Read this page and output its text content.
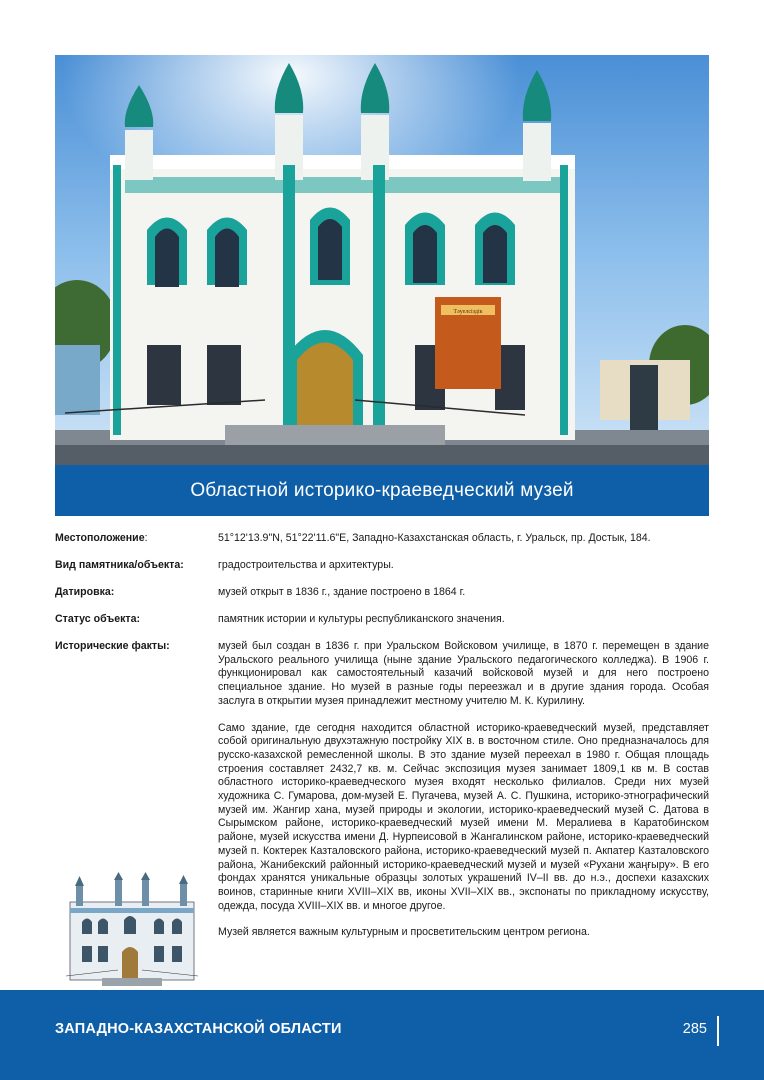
Тәуелсіздік
Областной историко-краеведческий музей
Местоположение:	51°12'13.9"N, 51°22'11.6"E, Западно-Казахстанская область, г. Уральск, пр. Достык, 184.
Вид памятника/объекта:	градостроительства и архитектуры.
Датировка:	музей открыт в 1836 г., здание построено в 1864 г.
Статус объекта:	памятник истории и культуры республиканского значения.
Исторические факты:	музей был создан в 1836 г. при Уральском Войсковом училище, в 1870 г. перемещен в здание Уральского реального училища (ныне здание Уральского педагогического колледжа). В 1906 г. функционировал как самостоятельный казачий войсковой музей и для него построено специальное здание. Но музей в разные годы переезжал и в другие здания города. Особая заслуга в открытии музея принадлежит местному учителю М. К. Курилину.

Само здание, где сегодня находится областной историко-краеведческий музей, представляет собой оригинальную двухэтажную постройку XIX в. в восточном стиле. Оно предназначалось для русско-казахской ремесленной школы. В это здание музей переехал в 1980 г. Общая площадь строения составляет 2432,7 кв. м. Сейчас экспозиция музея занимает 1809,1 кв м. В состав областного историко-краеведческого музея входят несколько филиалов. Среди них музей художника С. Гумарова, дом-музей Е. Пугачева, музей А. С. Пушкина, историко-этнографический музей им. Жангир хана, музей природы и экологии, историко-краеведческий музей С. Датова в Сырымском районе, историко-краеведческий музей имени М. Мералиева в Каратобинском районе, музей искусства имени Д. Нурпеисовой в Жангалинском районе, историко-краеведческий музей п. Коктерек Казталовского района, историко-краеведческий музей п. Акпатер Казталовского района, Жанибекский районный историко-краеведческий музей и музей «Рухани жаңғыру». В его фондах хранятся уникальные образцы золотых украшений IV–II вв. до н.э., доспехи казахских воинов, старинные книги XVIII–XIX вв, иконы XVII–XIX вв., экспонаты по прикладному искусству, одежда, посуда XVIII–XIX вв. и многое другое.

Музей является важным культурным и просветительским центром региона.

ЗАПАДНО-КАЗАХСТАНСКОЙ ОБЛАСТИ	285
